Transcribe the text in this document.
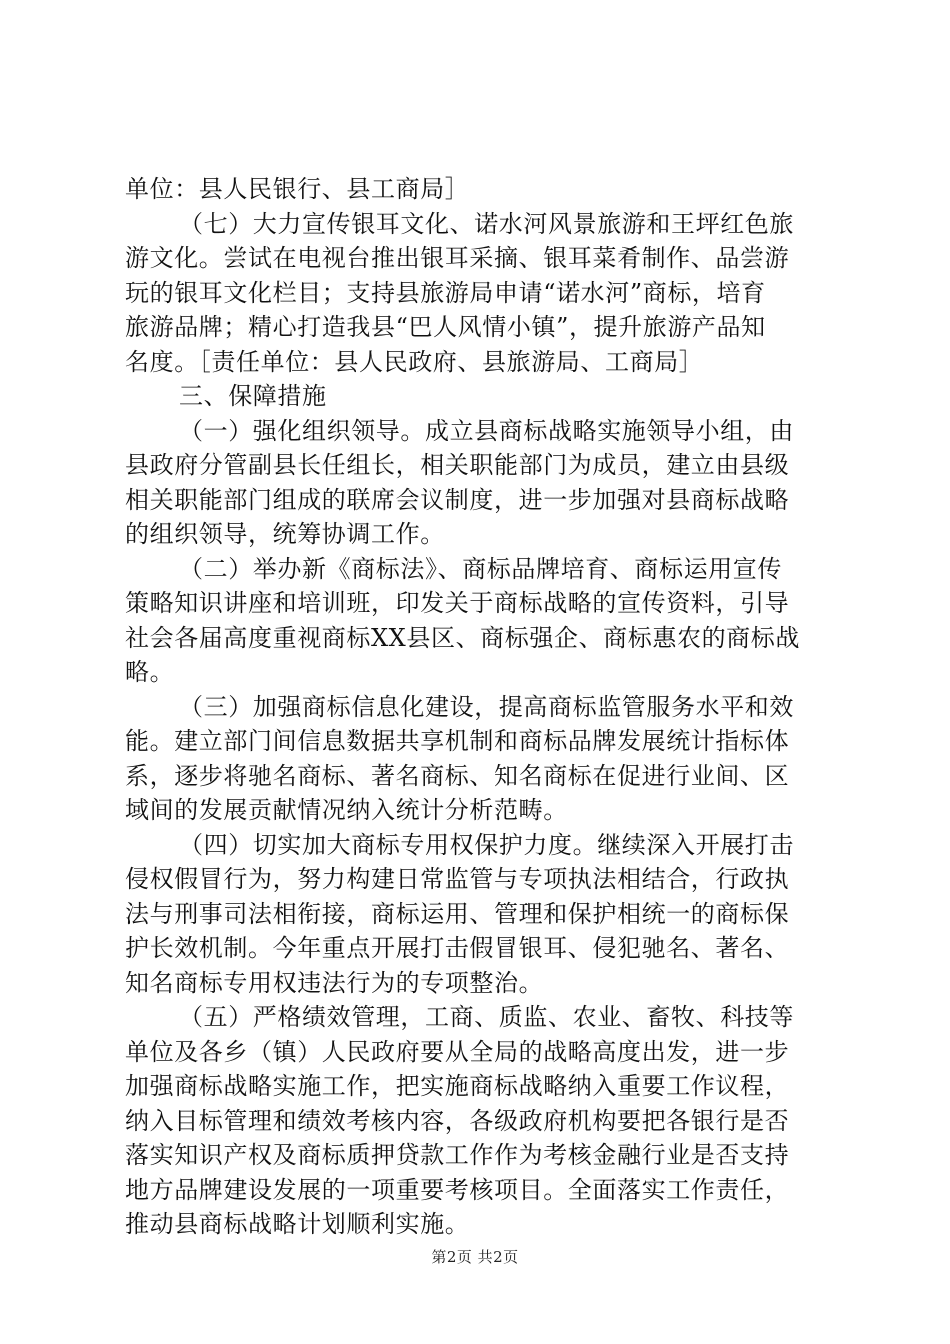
单位：县人民银行、县工商局］
（七）大力宣传银耳文化、诺水河风景旅游和王坪红色旅
游文化。尝试在电视台推出银耳采摘、银耳菜肴制作、品尝游
玩的银耳文化栏目；支持县旅游局申请“诺水河”商标，培育
旅游品牌；精心打造我县“巴人风情小镇”，提升旅游产品知
名度。［责任单位：县人民政府、县旅游局、工商局］
三、保障措施
（一）强化组织领导。成立县商标战略实施领导小组，由
县政府分管副县长任组长，相关职能部门为成员，建立由县级
相关职能部门组成的联席会议制度，进一步加强对县商标战略
的组织领导，统筹协调工作。
（二）举办新《商标法》、商标品牌培育、商标运用宣传
策略知识讲座和培训班，印发关于商标战略的宣传资料，引导
社会各届高度重视商标XX县区、商标强企、商标惠农的商标战
略。
（三）加强商标信息化建设，提高商标监管服务水平和效
能。建立部门间信息数据共享机制和商标品牌发展统计指标体
系，逐步将驰名商标、著名商标、知名商标在促进行业间、区
域间的发展贡献情况纳入统计分析范畴。
（四）切实加大商标专用权保护力度。继续深入开展打击
侵权假冒行为，努力构建日常监管与专项执法相结合，行政执
法与刑事司法相衔接，商标运用、管理和保护相统一的商标保
护长效机制。今年重点开展打击假冒银耳、侵犯驰名、著名、
知名商标专用权违法行为的专项整治。
（五）严格绩效管理，工商、质监、农业、畜牧、科技等
单位及各乡（镇）人民政府要从全局的战略高度出发，进一步
加强商标战略实施工作，把实施商标战略纳入重要工作议程，
纳入目标管理和绩效考核内容，各级政府机构要把各银行是否
落实知识产权及商标质押贷款工作作为考核金融行业是否支持
地方品牌建设发展的一项重要考核项目。全面落实工作责任，
推动县商标战略计划顺利实施。
第2页 共2页
